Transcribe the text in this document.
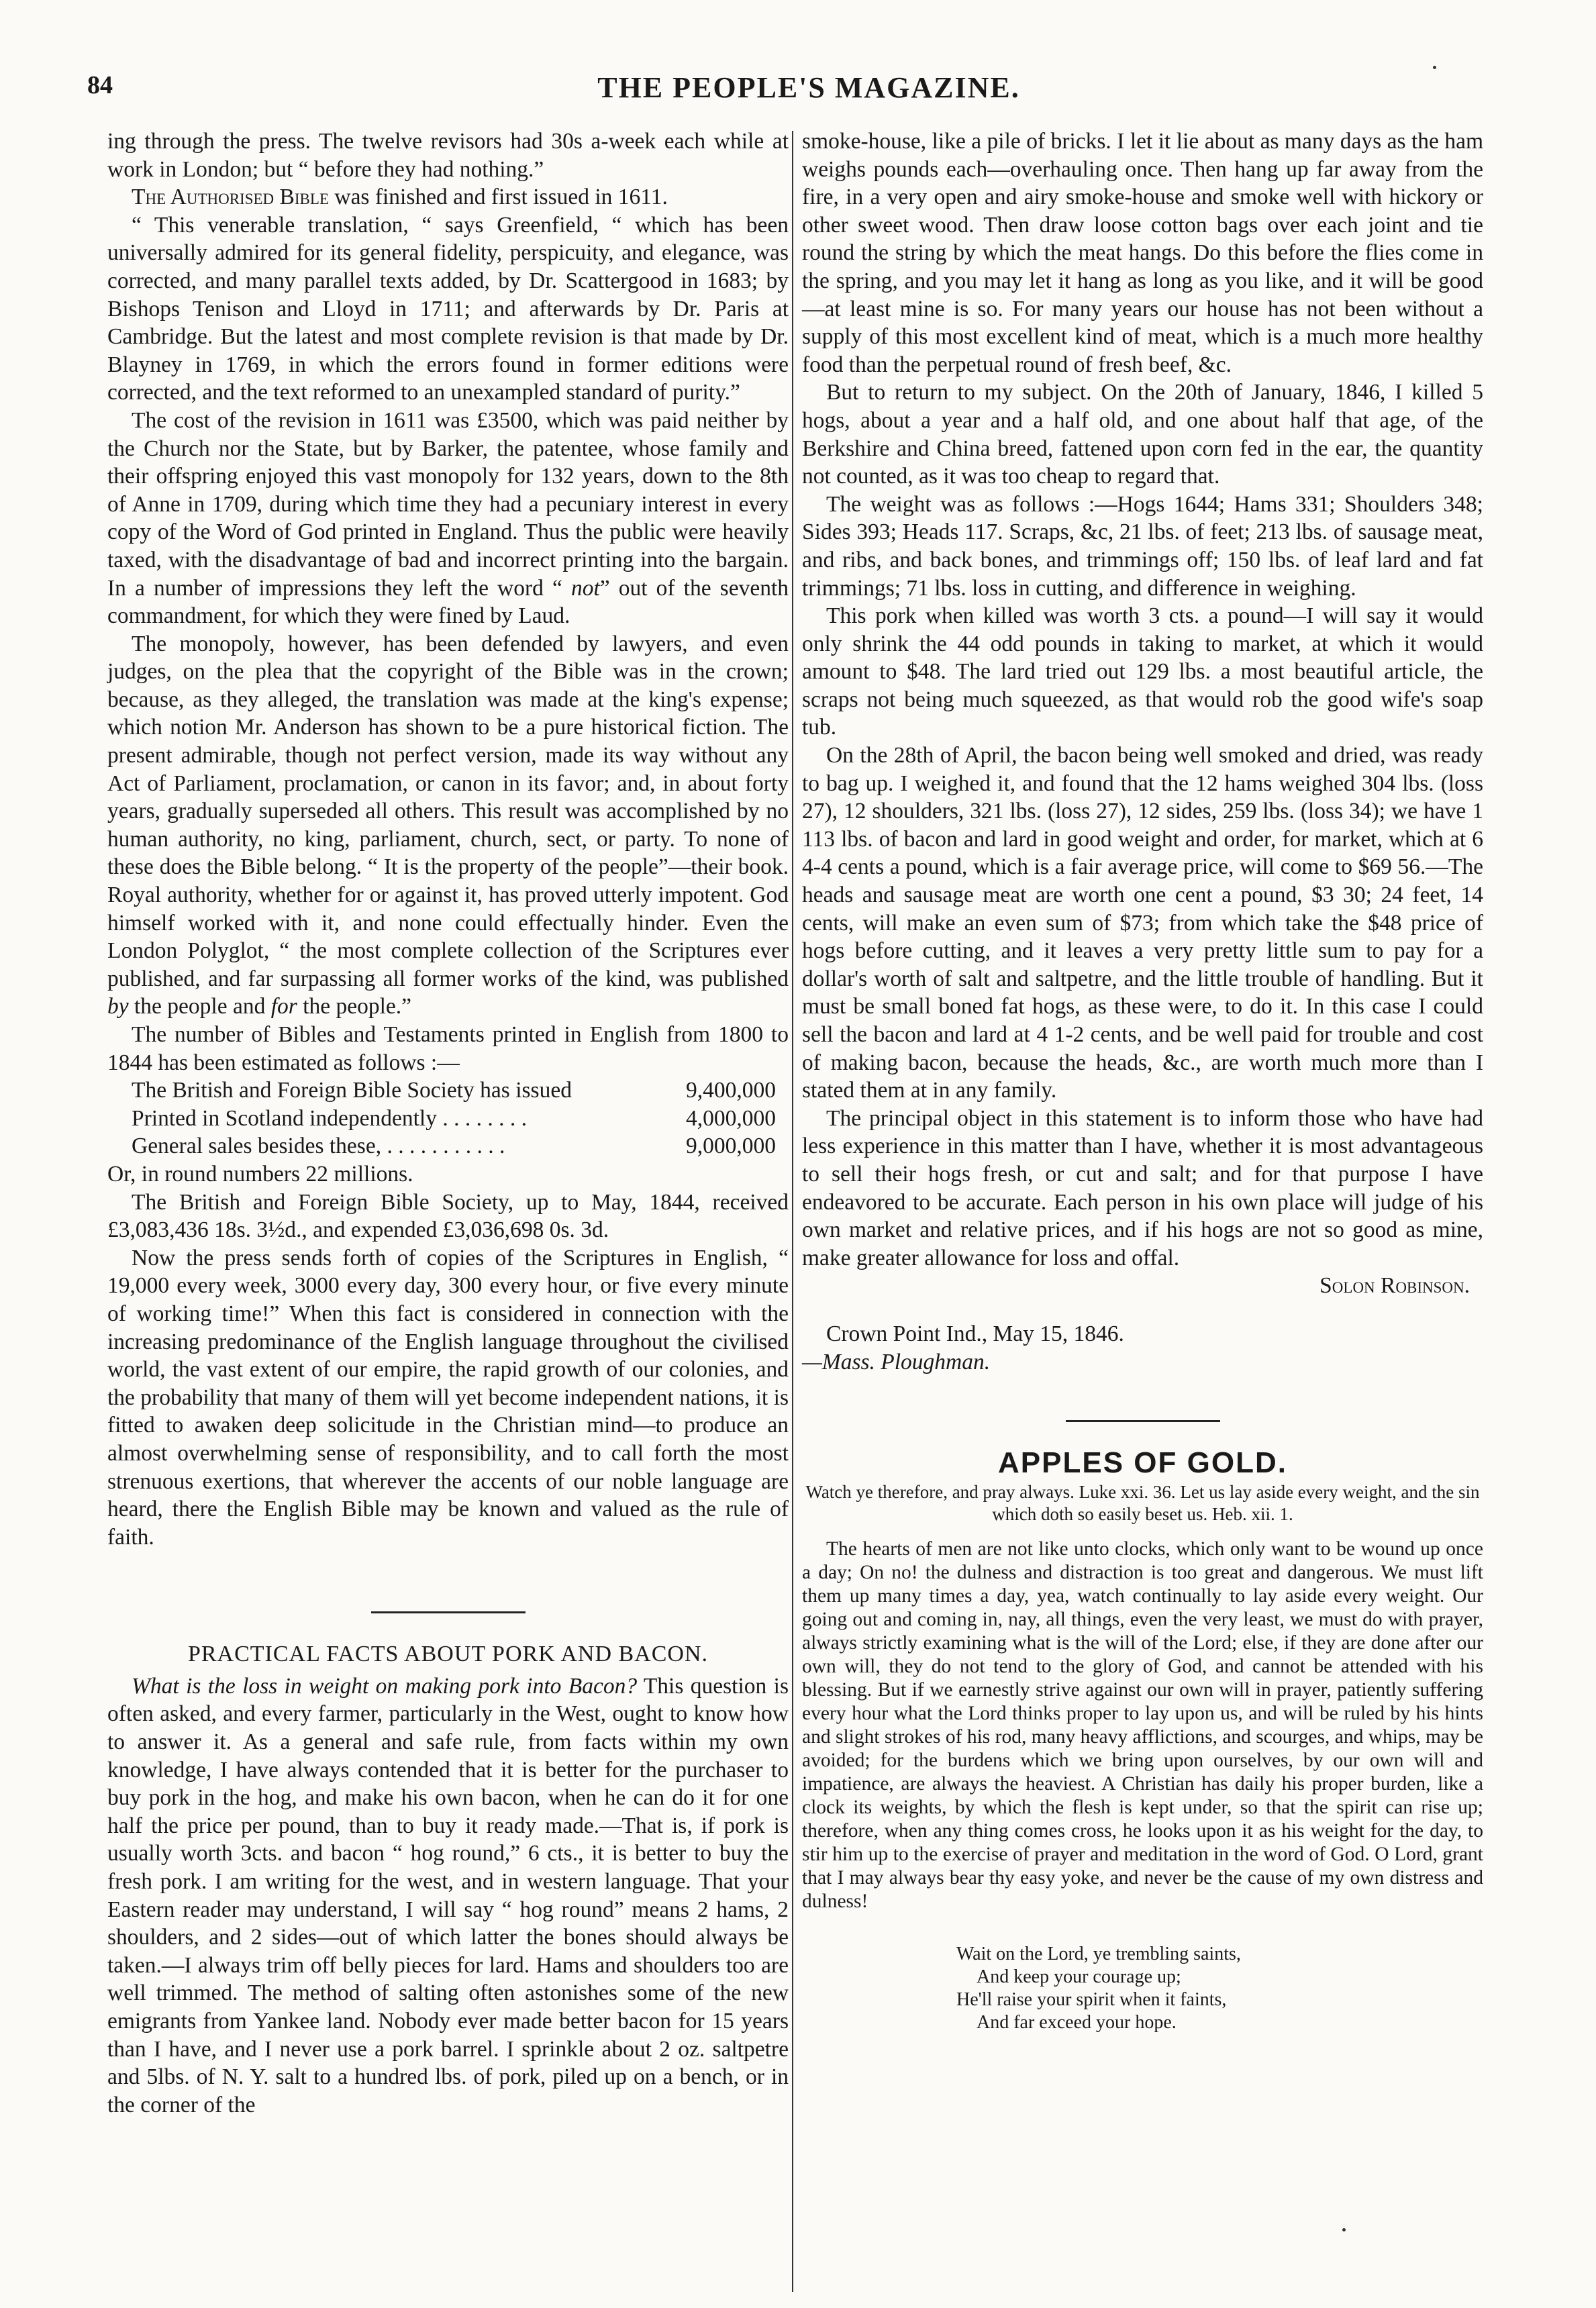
84	THE PEOPLE'S MAGAZINE.

ing through the press. The twelve revisors had 30s a-week each while at work in London; but “ before they had nothing.”

The Authorised Bible was finished and first issued in 1611.

“ This venerable translation, “ says Greenfield, “ which has been universally admired for its general fidelity, perspicuity, and elegance, was corrected, and many parallel texts added, by Dr. Scattergood in 1683; by Bishops Tenison and Lloyd in 1711; and afterwards by Dr. Paris at Cambridge. But the latest and most complete revision is that made by Dr. Blayney in 1769, in which the errors found in former editions were corrected, and the text reformed to an unexampled standard of purity.”

The cost of the revision in 1611 was £3500, which was paid neither by the Church nor the State, but by Barker, the patentee, whose family and their offspring enjoyed this vast monopoly for 132 years, down to the 8th of Anne in 1709, during which time they had a pecuniary interest in every copy of the Word of God printed in England. Thus the public were heavily taxed, with the disadvantage of bad and incorrect printing into the bargain. In a number of impressions they left the word “ not” out of the seventh commandment, for which they were fined by Laud.

The monopoly, however, has been defended by lawyers, and even judges, on the plea that the copyright of the Bible was in the crown; because, as they alleged, the translation was made at the king's expense; which notion Mr. Anderson has shown to be a pure historical fiction. The present admirable, though not perfect version, made its way without any Act of Parliament, proclamation, or canon in its favor; and, in about forty years, gradually superseded all others. This result was accomplished by no human authority, no king, parliament, church, sect, or party. To none of these does the Bible belong. “ It is the property of the people”—their book. Royal authority, whether for or against it, has proved utterly impotent. God himself worked with it, and none could effectually hinder. Even the London Polyglot, “ the most complete collection of the Scriptures ever published, and far surpassing all former works of the kind, was published by the people and for the people.”

The number of Bibles and Testaments printed in English from 1800 to 1844 has been estimated as follows :—

The British and Foreign Bible Society has issued	9,400,000
Printed in Scotland independently . . . . . . . .	4,000,000
General sales besides these, . . . . . . . . . . .	9,000,000

Or, in round numbers 22 millions.

The British and Foreign Bible Society, up to May, 1844, received £3,083,436 18s. 3½d., and expended £3,036,698 0s. 3d.

Now the press sends forth of copies of the Scriptures in English, “ 19,000 every week, 3000 every day, 300 every hour, or five every minute of working time!” When this fact is considered in connection with the increasing predominance of the English language throughout the civilised world, the vast extent of our empire, the rapid growth of our colonies, and the probability that many of them will yet become independent nations, it is fitted to awaken deep solicitude in the Christian mind—to produce an almost overwhelming sense of responsibility, and to call forth the most strenuous exertions, that wherever the accents of our noble language are heard, there the English Bible may be known and valued as the rule of faith.

PRACTICAL FACTS ABOUT PORK AND BACON.

What is the loss in weight on making pork into Bacon? This question is often asked, and every farmer, particularly in the West, ought to know how to answer it. As a general and safe rule, from facts within my own knowledge, I have always contended that it is better for the purchaser to buy pork in the hog, and make his own bacon, when he can do it for one half the price per pound, than to buy it ready made.—That is, if pork is usually worth 3cts. and bacon “ hog round,” 6 cts., it is better to buy the fresh pork. I am writing for the west, and in western language. That your Eastern reader may understand, I will say “ hog round” means 2 hams, 2 shoulders, and 2 sides—out of which latter the bones should always be taken.—I always trim off belly pieces for lard. Hams and shoulders too are well trimmed. The method of salting often astonishes some of the new emigrants from Yankee land. Nobody ever made better bacon for 15 years than I have, and I never use a pork barrel. I sprinkle about 2 oz. saltpetre and 5lbs. of N. Y. salt to a hundred lbs. of pork, piled up on a bench, or in the corner of the

smoke-house, like a pile of bricks. I let it lie about as many days as the ham weighs pounds each—overhauling once. Then hang up far away from the fire, in a very open and airy smoke-house and smoke well with hickory or other sweet wood. Then draw loose cotton bags over each joint and tie round the string by which the meat hangs. Do this before the flies come in the spring, and you may let it hang as long as you like, and it will be good—at least mine is so. For many years our house has not been without a supply of this most excellent kind of meat, which is a much more healthy food than the perpetual round of fresh beef, &c.

But to return to my subject. On the 20th of January, 1846, I killed 5 hogs, about a year and a half old, and one about half that age, of the Berkshire and China breed, fattened upon corn fed in the ear, the quantity not counted, as it was too cheap to regard that.

The weight was as follows :—Hogs 1644; Hams 331; Shoulders 348; Sides 393; Heads 117. Scraps, &c, 21 lbs. of feet; 213 lbs. of sausage meat, and ribs, and back bones, and trimmings off; 150 lbs. of leaf lard and fat trimmings; 71 lbs. loss in cutting, and difference in weighing.

This pork when killed was worth 3 cts. a pound—I will say it would only shrink the 44 odd pounds in taking to market, at which it would amount to $48. The lard tried out 129 lbs. a most beautiful article, the scraps not being much squeezed, as that would rob the good wife's soap tub.

On the 28th of April, the bacon being well smoked and dried, was ready to bag up. I weighed it, and found that the 12 hams weighed 304 lbs. (loss 27), 12 shoulders, 321 lbs. (loss 27), 12 sides, 259 lbs. (loss 34); we have 1 113 lbs. of bacon and lard in good weight and order, for market, which at 6 4-4 cents a pound, which is a fair average price, will come to $69 56.—The heads and sausage meat are worth one cent a pound, $3 30; 24 feet, 14 cents, will make an even sum of $73; from which take the $48 price of hogs before cutting, and it leaves a very pretty little sum to pay for a dollar's worth of salt and saltpetre, and the little trouble of handling. But it must be small boned fat hogs, as these were, to do it. In this case I could sell the bacon and lard at 4 1-2 cents, and be well paid for trouble and cost of making bacon, because the heads, &c., are worth much more than I stated them at in any family.

The principal object in this statement is to inform those who have had less experience in this matter than I have, whether it is most advantageous to sell their hogs fresh, or cut and salt; and for that purpose I have endeavored to be accurate. Each person in his own place will judge of his own market and relative prices, and if his hogs are not so good as mine, make greater allowance for loss and offal.

Solon Robinson.
Crown Point Ind., May 15, 1846.
—Mass. Ploughman.
APPLES OF GOLD.
Watch ye therefore, and pray always. Luke xxi. 36. Let us lay aside every weight, and the sin which doth so easily beset us. Heb. xii. 1.

The hearts of men are not like unto clocks, which only want to be wound up once a day; On no! the dulness and distraction is too great and dangerous. We must lift them up many times a day, yea, watch continually to lay aside every weight. Our going out and coming in, nay, all things, even the very least, we must do with prayer, always strictly examining what is the will of the Lord; else, if they are done after our own will, they do not tend to the glory of God, and cannot be attended with his blessing. But if we earnestly strive against our own will in prayer, patiently suffering every hour what the Lord thinks proper to lay upon us, and will be ruled by his hints and slight strokes of his rod, many heavy afflictions, and scourges, and whips, may be avoided; for the burdens which we bring upon ourselves, by our own will and impatience, are always the heaviest. A Christian has daily his proper burden, like a clock its weights, by which the flesh is kept under, so that the spirit can rise up; therefore, when any thing comes cross, he looks upon it as his weight for the day, to stir him up to the exercise of prayer and meditation in the word of God. O Lord, grant that I may always bear thy easy yoke, and never be the cause of my own distress and dulness!

Wait on the Lord, ye trembling saints,
And keep your courage up;
He'll raise your spirit when it faints,
And far exceed your hope.
